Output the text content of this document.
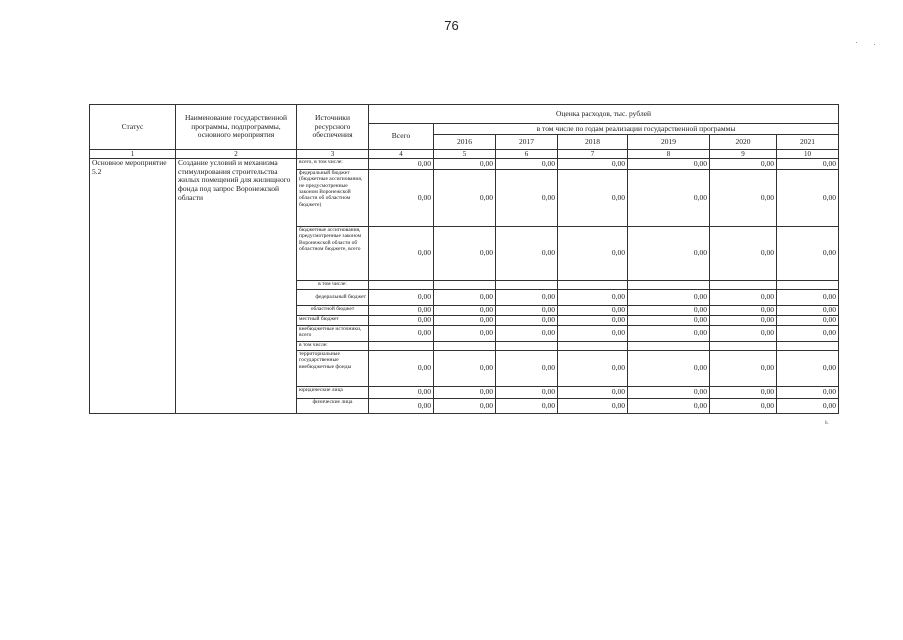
76
Статус	Наименование государственной программы, подпрограммы, основного мероприятия	Источники ресурсного обеспечения	Оценка расходов, тыс. рублей						
			Всего	в том числе по годам реализации государственной программы					
				2016	2017	2018	2019	2020	2021
1	2	3	4	5	6	7	8	9	10
Основное мероприятие 5.2	Создание условий и механизма стимулирования строительства жилых помещений для жилищного фонда под запрос Воронежской области	всего, в том числе:	0,00	0,00	0,00	0,00	0,00	0,00	0,00
		федеральный бюджет (бюджетные ассигнования, не предусмотренные законом Воронежской области об областном бюджете)	0,00	0,00	0,00	0,00	0,00	0,00	0,00
		бюджетные ассигнования, предусмотренные законом Воронежской области об областном бюджете, всего	0,00	0,00	0,00	0,00	0,00	0,00	0,00
		в том числе:							
		федеральный бюджет	0,00	0,00	0,00	0,00	0,00	0,00	0,00
		областной бюджет	0,00	0,00	0,00	0,00	0,00	0,00	0,00
		местный бюджет	0,00	0,00	0,00	0,00	0,00	0,00	0,00
		внебюджетные источники, всего	0,00	0,00	0,00	0,00	0,00	0,00	0,00
		в том числе:							
		территориальные государственные внебюджетные фонды	0,00	0,00	0,00	0,00	0,00	0,00	0,00
		юридические лица	0,00	0,00	0,00	0,00	0,00	0,00	0,00
		физические лица	0,00	0,00	0,00	0,00	0,00	0,00	0,00
b.
